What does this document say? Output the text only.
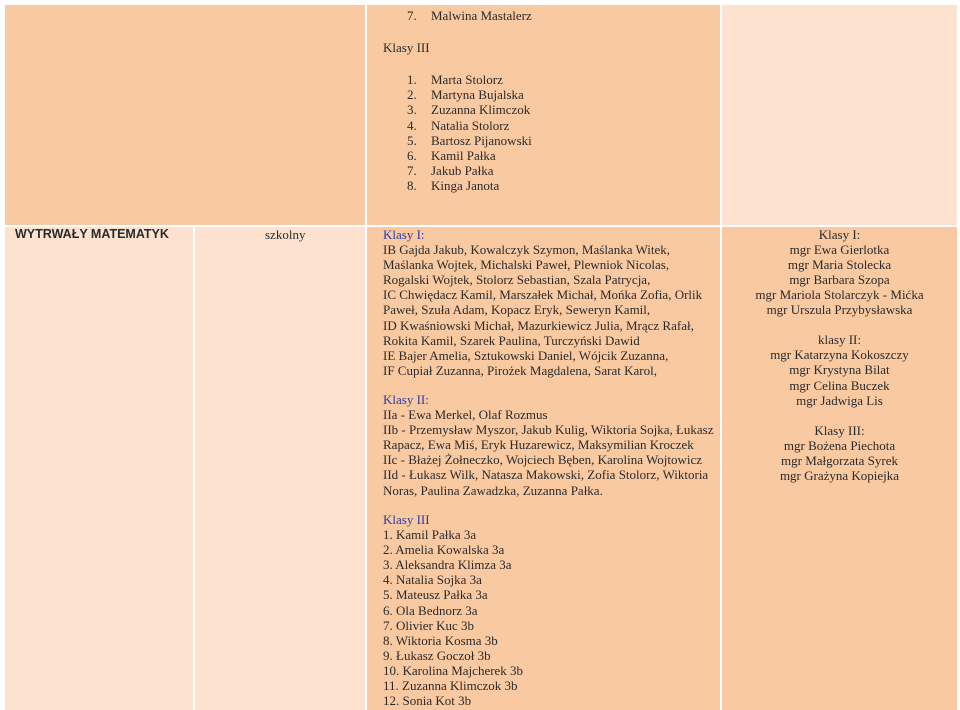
7. Malwina Mastalerz
Klasy III
1. Marta Stolorz
2. Martyna Bujalska
3. Zuzanna Klimczok
4. Natalia Stolorz
5. Bartosz Pijanowski
6. Kamil Pałka
7. Jakub Pałka
8. Kinga Janota
WYTRWAŁY MATEMATYK	szkolny	Klasy I:
IB Gajda Jakub, Kowalczyk Szymon, Maślanka Witek,
Maślanka Wojtek, Michalski Paweł, Plewniok Nicolas,
Rogalski Wojtek, Stolorz Sebastian, Szala Patrycja,
IC Chwiędacz Kamil, Marszałek Michał, Mońka Zofia, Orlik
Paweł, Szuła Adam, Kopacz Eryk, Seweryn Kamil,
ID Kwaśniowski Michał, Mazurkiewicz Julia, Mrącz Rafał,
Rokita Kamil, Szarek Paulina, Turczyński Dawid
IE Bajer Amelia, Sztukowski Daniel, Wójcik Zuzanna,
IF Cupiał Zuzanna, Pirożek Magdalena, Sarat Karol,
Klasy II:
IIa - Ewa Merkel, Olaf Rozmus
IIb - Przemysław Myszor, Jakub Kulig, Wiktoria Sojka, Łukasz
Rapacz, Ewa Miś, Eryk Huzarewicz, Maksymilian Kroczek
IIc - Błażej Żołneczko, Wojciech Bęben, Karolina Wojtowicz
IId - Łukasz Wilk, Natasza Makowski, Zofia Stolorz, Wiktoria
Noras, Paulina Zawadzka, Zuzanna Pałka.
Klasy III
1. Kamil Pałka 3a
2. Amelia Kowalska 3a
3. Aleksandra Klimza 3a
4. Natalia Sojka 3a
5. Mateusz Pałka 3a
6. Ola Bednorz 3a
7. Olivier Kuc 3b
8. Wiktoria Kosma 3b
9. Łukasz Goczoł 3b
10. Karolina Majcherek 3b
11. Zuzanna Klimczok 3b
12. Sonia Kot 3b
Klasy I:
mgr Ewa Gierlotka
mgr Maria Stolecka
mgr Barbara Szopa
mgr Mariola Stolarczyk - Mićka
mgr Urszula Przybysławska
klasy II:
mgr Katarzyna Kokoszczy
mgr Krystyna Bilat
mgr Celina Buczek
mgr Jadwiga Lis
Klasy III:
mgr Bożena Piechota
mgr Małgorzata Syrek
mgr Grażyna Kopiejka
